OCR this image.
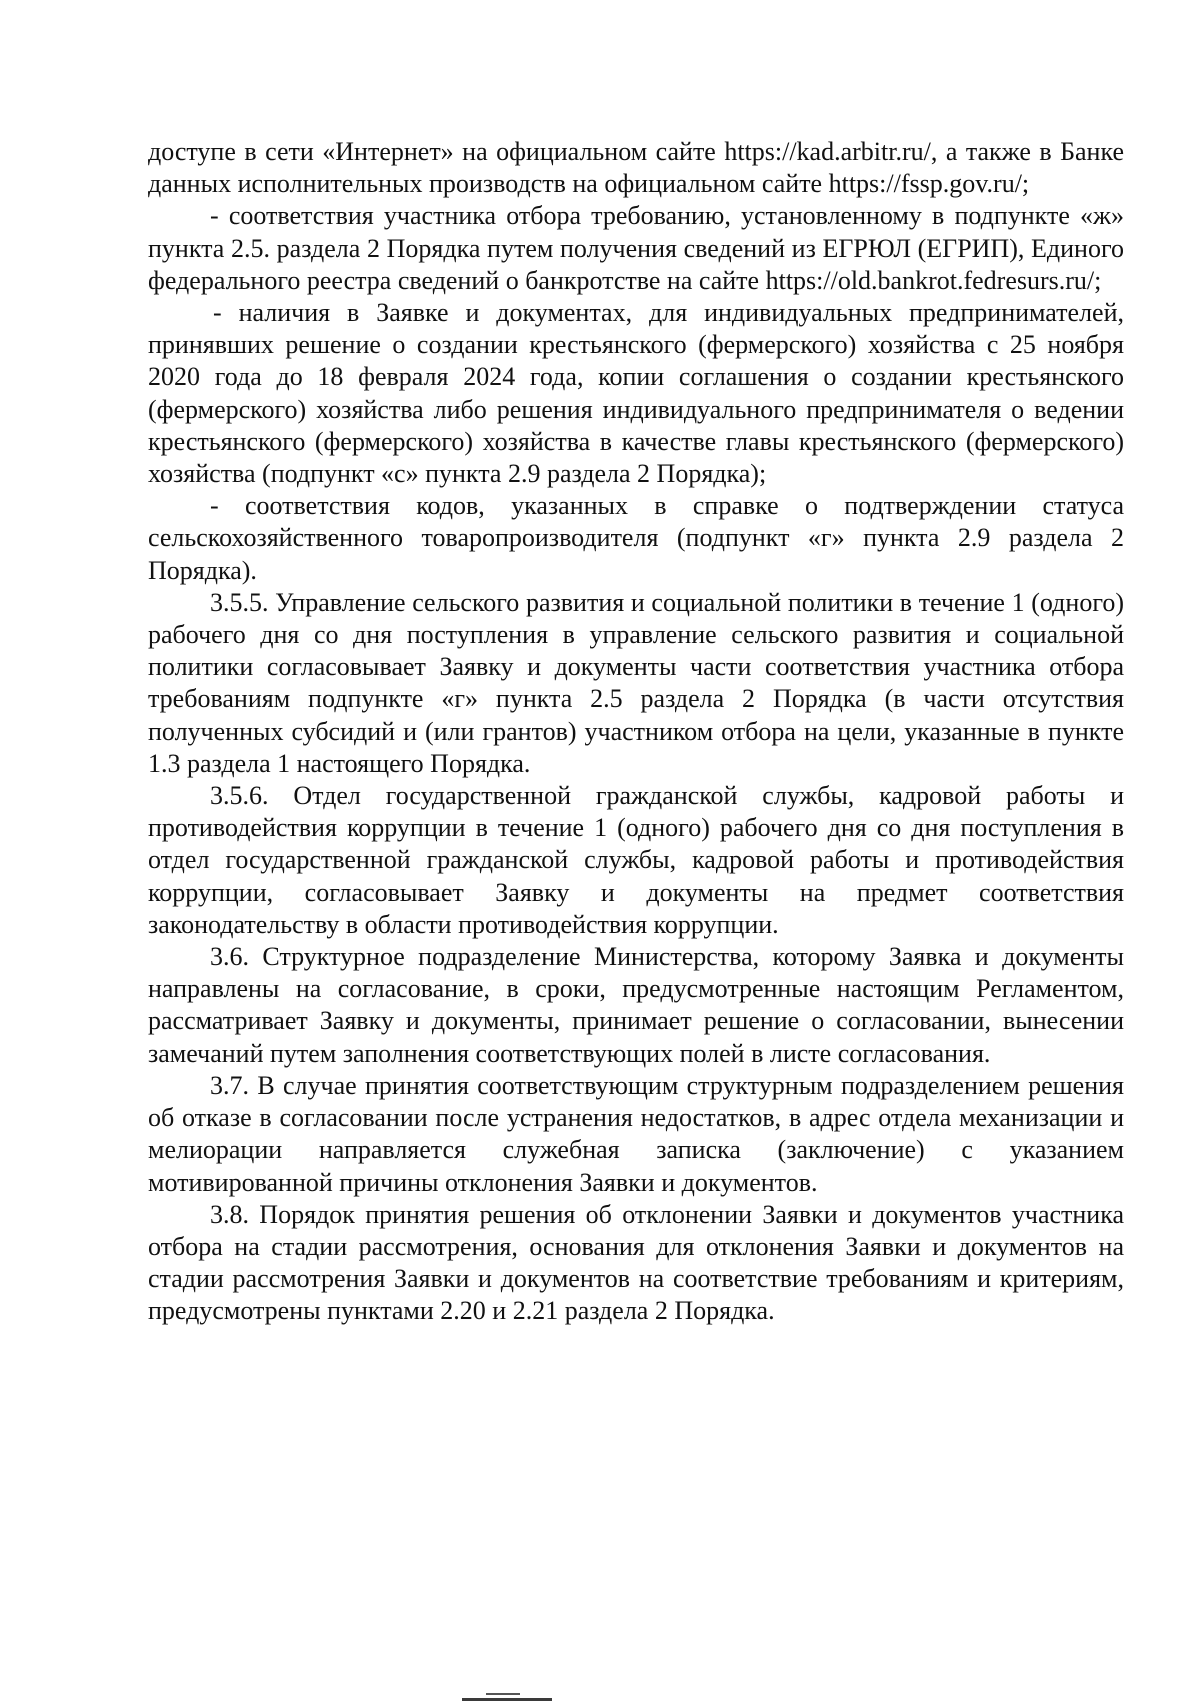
доступе в сети «Интернет» на официальном сайте https://kad.arbitr.ru/, а также в Банке данных исполнительных производств на официальном сайте https://fssp.gov.ru/;

- соответствия участника отбора требованию, установленному в подпункте «ж» пункта 2.5. раздела 2 Порядка путем получения сведений из ЕГРЮЛ (ЕГРИП), Единого федерального реестра сведений о банкротстве на сайте https://old.bankrot.fedresurs.ru/;

- наличия в Заявке и документах, для индивидуальных предпринимателей, принявших решение о создании крестьянского (фермерского) хозяйства с 25 ноября 2020 года до 18 февраля 2024 года, копии соглашения о создании крестьянского (фермерского) хозяйства либо решения индивидуального предпринимателя о ведении крестьянского (фермерского) хозяйства в качестве главы крестьянского (фермерского) хозяйства (подпункт «с» пункта 2.9 раздела 2 Порядка);

- соответствия кодов, указанных в справке о подтверждении статуса сельскохозяйственного товаропроизводителя (подпункт «г» пункта 2.9 раздела 2 Порядка).

3.5.5. Управление сельского развития и социальной политики в течение 1 (одного) рабочего дня со дня поступления в управление сельского развития и социальной политики согласовывает Заявку и документы части соответствия участника отбора требованиям подпункте «г» пункта 2.5 раздела 2 Порядка (в части отсутствия полученных субсидий и (или грантов) участником отбора на цели, указанные в пункте 1.3 раздела 1 настоящего Порядка.

3.5.6. Отдел государственной гражданской службы, кадровой работы и противодействия коррупции в течение 1 (одного) рабочего дня со дня поступления в отдел государственной гражданской службы, кадровой работы и противодействия коррупции, согласовывает Заявку и документы на предмет соответствия законодательству в области противодействия коррупции.

3.6. Структурное подразделение Министерства, которому Заявка и документы направлены на согласование, в сроки, предусмотренные настоящим Регламентом, рассматривает Заявку и документы, принимает решение о согласовании, вынесении замечаний путем заполнения соответствующих полей в листе согласования.

3.7. В случае принятия соответствующим структурным подразделением решения об отказе в согласовании после устранения недостатков, в адрес отдела механизации и мелиорации направляется служебная записка (заключение) с указанием мотивированной причины отклонения Заявки и документов.

3.8. Порядок принятия решения об отклонении Заявки и документов участника отбора на стадии рассмотрения, основания для отклонения Заявки и документов на стадии рассмотрения Заявки и документов на соответствие требованиям и критериям, предусмотрены пунктами 2.20 и 2.21 раздела 2 Порядка.
